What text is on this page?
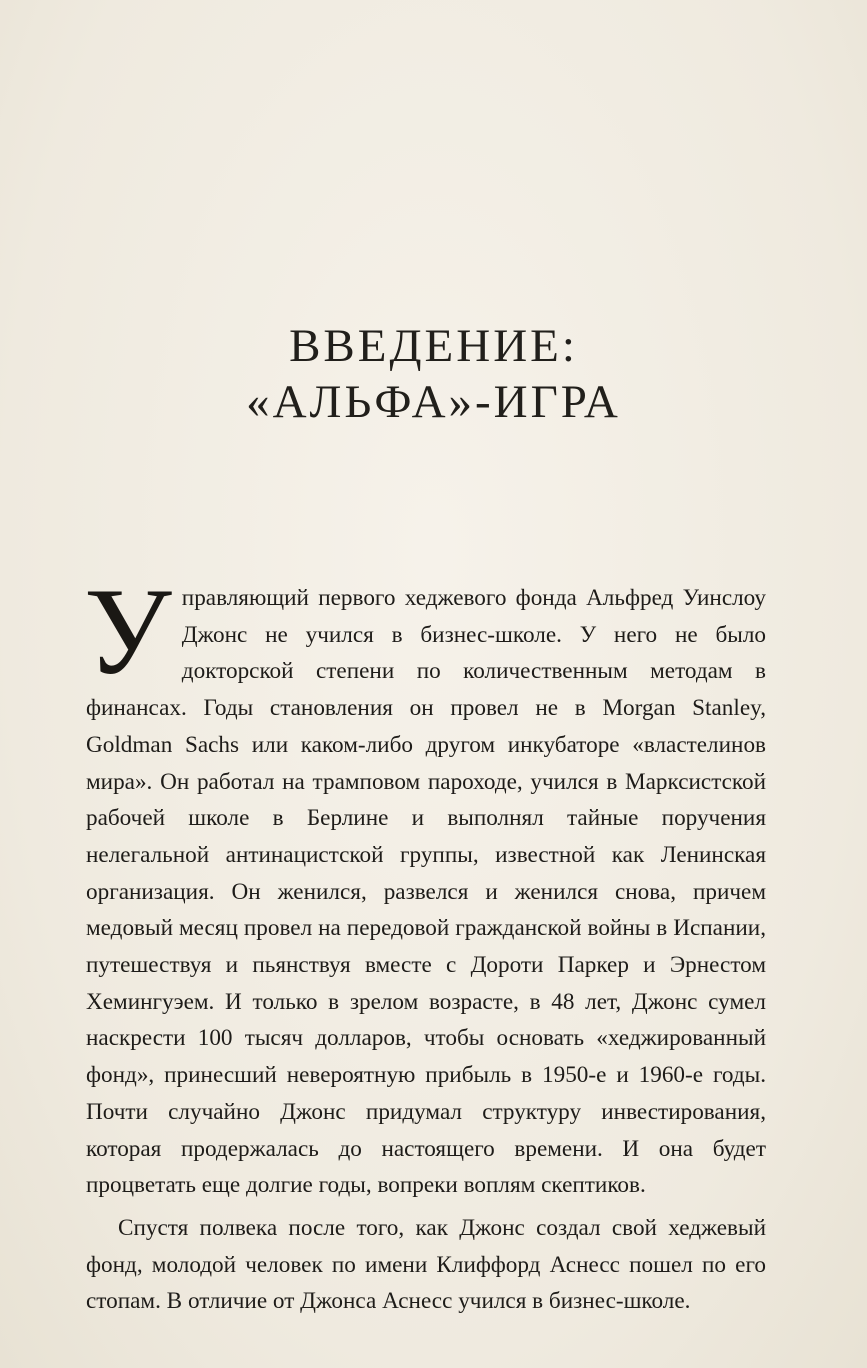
ВВЕДЕНИЕ:
«АЛЬФА»-ИГРА

Управляющий первого хеджевого фонда Альфред Уинслоу Джонс не учился в бизнес-школе. У него не было докторской степени по количественным методам в финансах. Годы становления он провел не в Morgan Stanley, Goldman Sachs или каком-либо другом инкубаторе «властелинов мира». Он работал на трамповом пароходе, учился в Марксистской рабочей школе в Берлине и выполнял тайные поручения нелегальной антинацистской группы, известной как Ленинская организация. Он женился, развелся и женился снова, причем медовый месяц провел на передовой гражданской войны в Испании, путешествуя и пьянствуя вместе с Дороти Паркер и Эрнестом Хемингуэем. И только в зрелом возрасте, в 48 лет, Джонс сумел наскрести 100 тысяч долларов, чтобы основать «хеджированный фонд», принесший невероятную прибыль в 1950-е и 1960-е годы. Почти случайно Джонс придумал структуру инвестирования, которая продержалась до настоящего времени. И она будет процветать еще долгие годы, вопреки воплям скептиков.

Спустя полвека после того, как Джонс создал свой хеджевый фонд, молодой человек по имени Клиффорд Аснесс пошел по его стопам. В отличие от Джонса Аснесс учился в бизнес-школе.
